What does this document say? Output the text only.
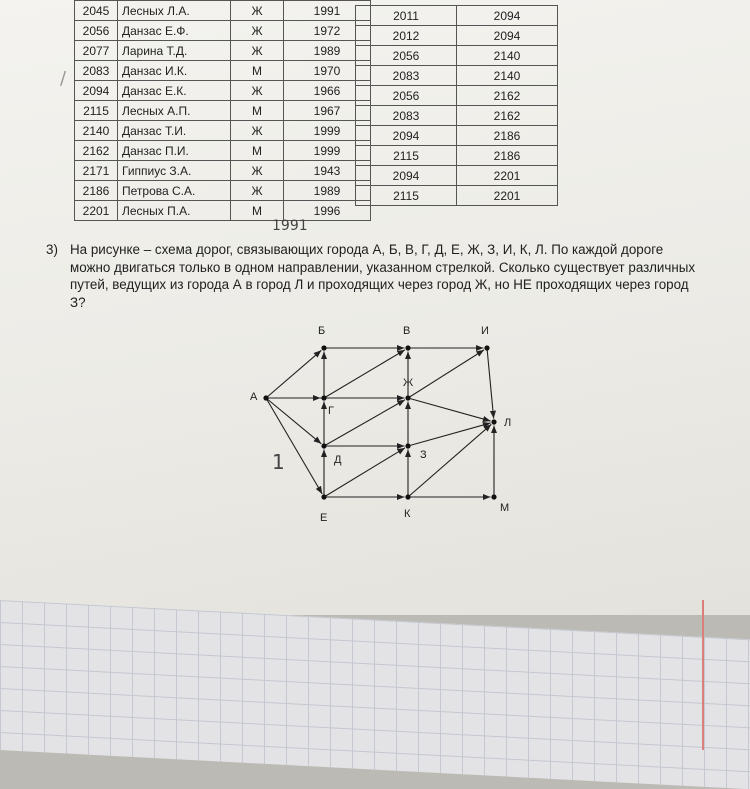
2045	Лесных Л.А.	Ж	1991
2056	Данзас Е.Ф.	Ж	1972
2077	Ларина Т.Д.	Ж	1989
2083	Данзас И.К.	М	1970
2094	Данзас Е.К.	Ж	1966
2115	Лесных А.П.	М	1967
2140	Данзас Т.И.	Ж	1999
2162	Данзас П.И.	М	1999
2171	Гиппиус З.А.	Ж	1943
2186	Петрова С.А.	Ж	1989
2201	Лесных П.А.	М	1996
2011	2094
2012	2094
2056	2140
2083	2140
2056	2162
2083	2162
2094	2186
2115	2186
2094	2201
2115	2201
1991
1
/
3) На рисунке – схема дорог, связывающих города А, Б, В, Г, Д, Е, Ж, З, И, К, Л. По каждой дороге можно двигаться только в одном направлении, указанном стрелкой. Сколько существует различных путей, ведущих из города А в город Л и проходящих через город Ж, но НЕ проходящих через город З?
А
Б	В	И
Г
Ж
Д	З
Л
Е	К	М
